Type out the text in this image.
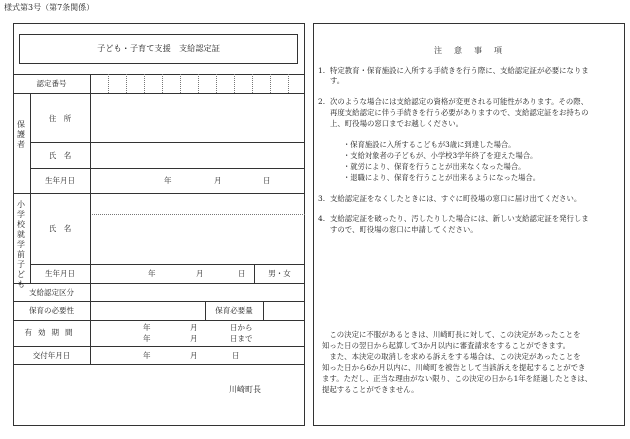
様式第3号（第7条関係）
子ども・子育て支援　支給認定証
認定番号
保護者
住　所
氏　名
生年月日	年	月	日
小学校就学前子ども
氏　名
生年月日	年	月	日	男・女
支給認定区分
保育の必要性	保育必要量
有効期間
年	月	日から
年	月	日まで
交付年月日	年	月	日
川崎町長
注　意　事　項
1. 特定教育・保育施設に入所する手続きを行う際に、支給認定証が必要になりま
す。
2. 次のような場合には支給認定の資格が変更される可能性があります。その際、
再度支給認定に伴う手続きを行う必要がありますので、支給認定証をお持ちの
上、町役場の窓口までお越しください。
・保育施設に入所するこどもが3歳に到達した場合。
・支給対象者の子どもが、小学校3学年終了を迎えた場合。
・就労により、保育を行うことが出来なくなった場合。
・退職により、保育を行うことが出来るようになった場合。
3. 支給認定証をなくしたときには、すぐに町役場の窓口に届け出てください。
4. 支給認定証を破ったり、汚したりした場合には、新しい支給認定証を発行しま
すので、町役場の窓口に申請してください。
　この決定に不服があるときは、川崎町長に対して、この決定があったことを
知った日の翌日から起算して3か月以内に審査請求をすることができます。
　また、本決定の取消しを求める訴えをする場合は、この決定があったことを
知った日から6か月以内に、川崎町を被告として当該訴えを提起することができ
ます。ただし、正当な理由がない限り、この決定の日から1年を経過したときは、
提起することができません。
